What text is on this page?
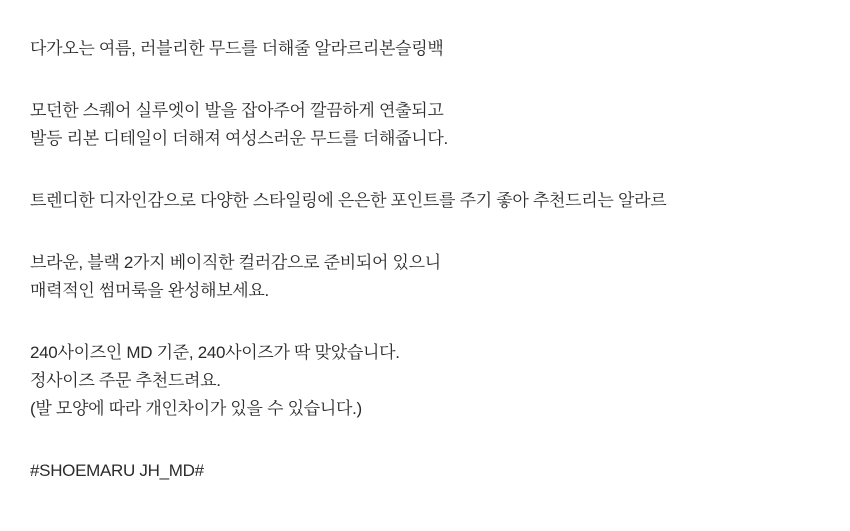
다가오는 여름, 러블리한 무드를 더해줄 알라르리본슬링백
모던한 스퀘어 실루엣이 발을 잡아주어 깔끔하게 연출되고
발등 리본 디테일이 더해져 여성스러운 무드를 더해줍니다.
트렌디한 디자인감으로 다양한 스타일링에 은은한 포인트를 주기 좋아 추천드리는 알라르
브라운, 블랙 2가지 베이직한 컬러감으로 준비되어 있으니
매력적인 썸머룩을 완성해보세요.
240사이즈인 MD 기준, 240사이즈가 딱 맞았습니다.
정사이즈 주문 추천드려요.
(발 모양에 따라 개인차이가 있을 수 있습니다.)
#SHOEMARU JH_MD#
